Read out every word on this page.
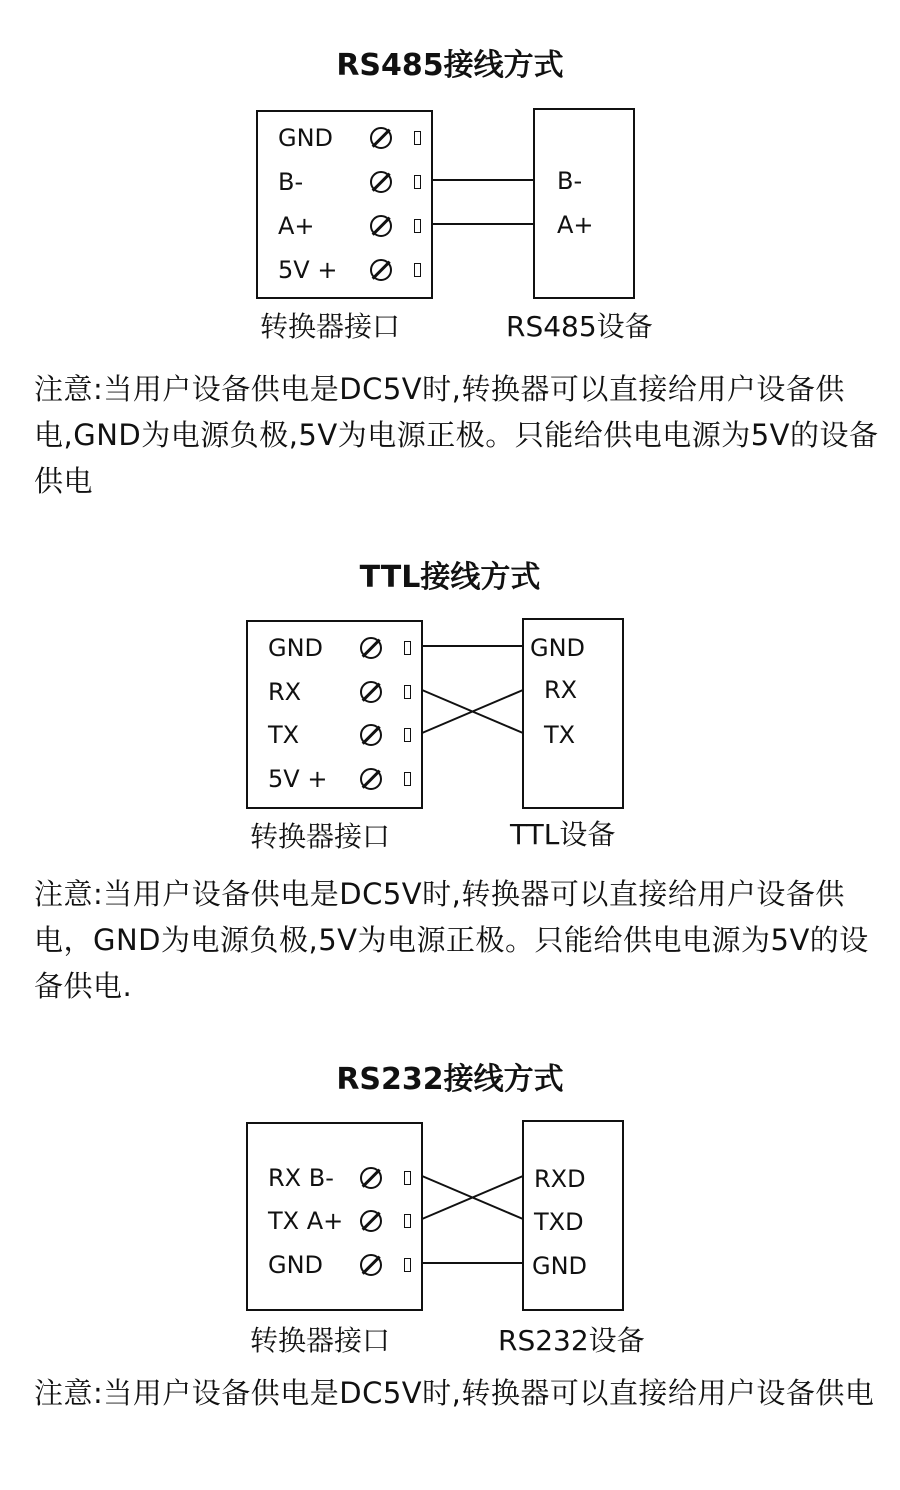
RS485接线方式
GND
B-
A+
5V +
B-
A+
转换器接口	RS485设备

注意:当用户设备供电是DC5V时,转换器可以直接给用户设备供电,GND为电源负极,5V为电源正极。只能给供电电源为5V的设备供电

TTL接线方式
GND
RX
TX
5V +
GND
RX
TX
转换器接口	TTL设备

注意:当用户设备供电是DC5V时,转换器可以直接给用户设备供电，GND为电源负极,5V为电源正极。只能给供电电源为5V的设备供电.

RS232接线方式
RX B-
TX A+
GND
RXD
TXD
GND
转换器接口	RS232设备

注意:当用户设备供电是DC5V时,转换器可以直接给用户设备供电
